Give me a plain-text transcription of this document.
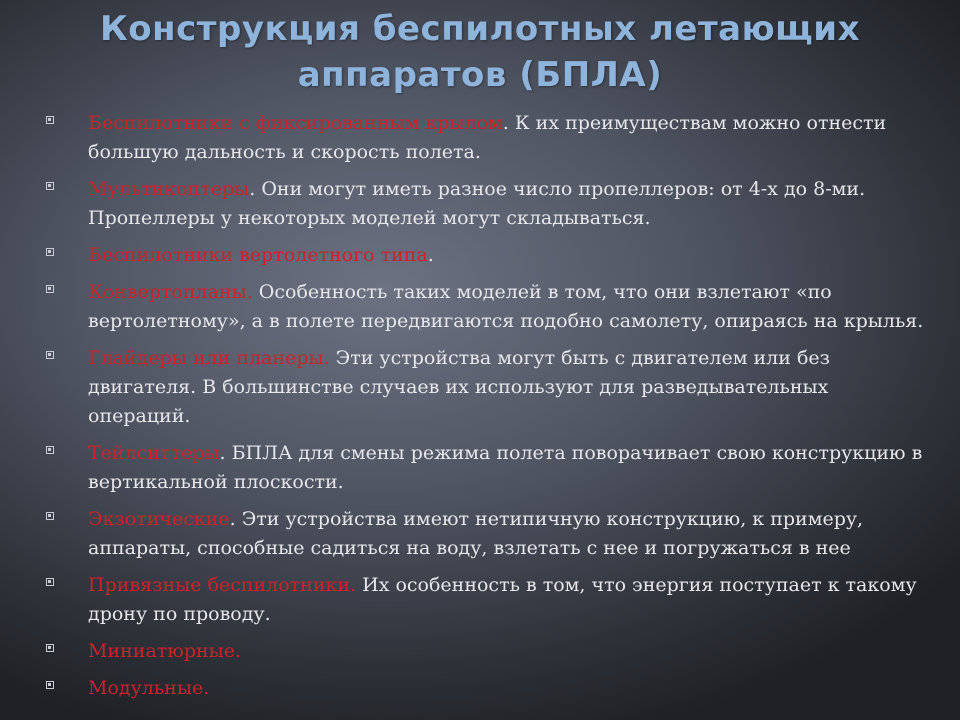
Конструкция беспилотных летающих аппаратов (БПЛА)
Беспилотники с фиксированным крылом. К их преимуществам можно отнести большую дальность и скорость полета.
Мультикоптеры. Они могут иметь разное число пропеллеров: от 4-х до 8-ми. Пропеллеры у некоторых моделей могут складываться.
Беспилотники вертолетного типа.
Конвертопланы. Особенность таких моделей в том, что они взлетают «по вертолетному», а в полете передвигаются подобно самолету, опираясь на крылья.
Глайдеры или планеры. Эти устройства могут быть с двигателем или без двигателя. В большинстве случаев их используют для разведывательных операций.
Тейлситтеры. БПЛА для смены режима полета поворачивает свою конструкцию в вертикальной плоскости.
Экзотические. Эти устройства имеют нетипичную конструкцию, к примеру, аппараты, способные садиться на воду, взлетать с нее и погружаться в нее
Привязные беспилотники. Их особенность в том, что энергия поступает к такому дрону по проводу.
Миниатюрные.
Модульные.
